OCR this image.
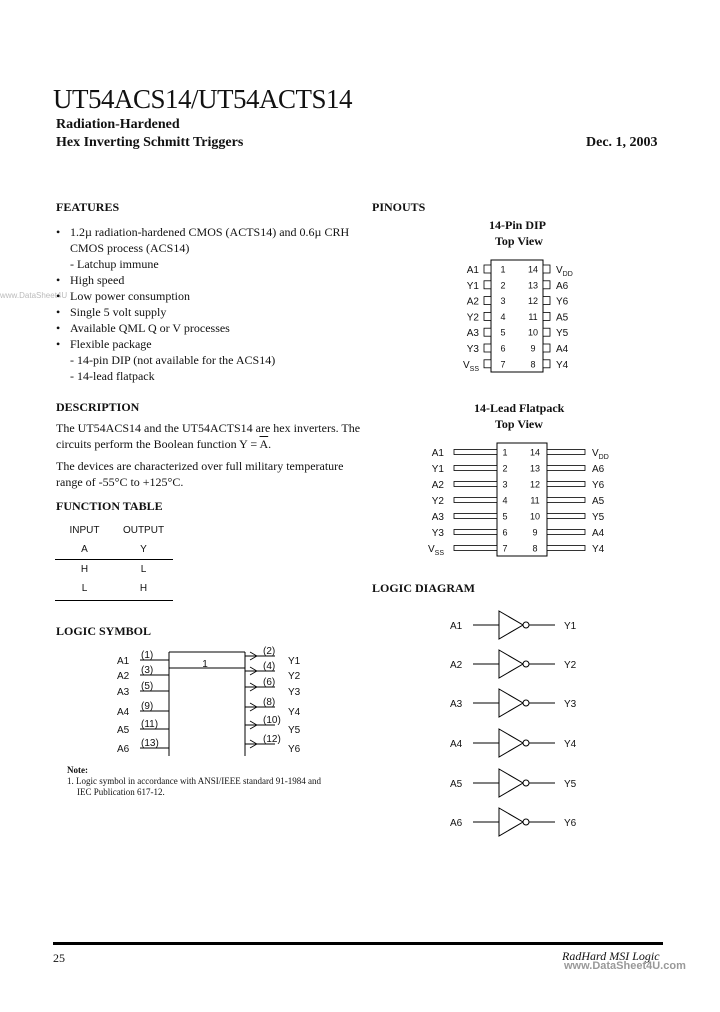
UT54ACS14/UT54ACTS14
Radiation-Hardened
Hex Inverting Schmitt Triggers	Dec. 1, 2003
www.DataSheet4U
FEATURES
• 1.2µ radiation-hardened CMOS (ACTS14) and 0.6µ CRH
CMOS process (ACS14)
- Latchup immune
• High speed
• Low power consumption
• Single 5 volt supply
• Available QML Q or V processes
• Flexible package
- 14-pin DIP (not available for the ACS14)
- 14-lead flatpack
DESCRIPTION
The UT54ACS14 and the UT54ACTS14 are hex inverters. The
circuits perform the Boolean function $Y = \overline{A}$.
The devices are characterized over full military temperature
range of -55°C to +125°C.
FUNCTION TABLE
INPUT	OUTPUT
A	Y
H	L
L	H
LOGIC SYMBOL
Note:
1. Logic symbol in accordance with ANSI/IEEE standard 91-1984 and
IEC Publication 617-12.
PINOUTS
14-Pin DIP
Top View
14-Lead Flatpack
Top View
LOGIC DIAGRAM
25	RadHard MSI Logic
www.DataSheet4U.com
1
A1
2
Y1
3
A2
4
Y2
5
A3
6
Y3
7
$V_{SS}$
14 $V_{DD}$
13 A6
12 Y6
11 A5
10 Y5
9 A4
8 Y4
1
A1
2
Y1
3
A2
4
Y2
5
A3
6
Y3
7
$V_{SS}$
14	$V_{DD}$
13	A6
12	Y6
11	A5
10	Y5
9	A4
8	Y4
1
A1
(1)
A2
(3)
A3
(5)
A4
(9)
A5
(11)
A6
(13)
(2)
Y1
(4)
Y2
(6)
Y3
(8)
Y4
(10)
Y5
(12)
Y6
A1	Y1
A2	Y2
A3	Y3
A4	Y4
A5	Y5
A6	Y6
